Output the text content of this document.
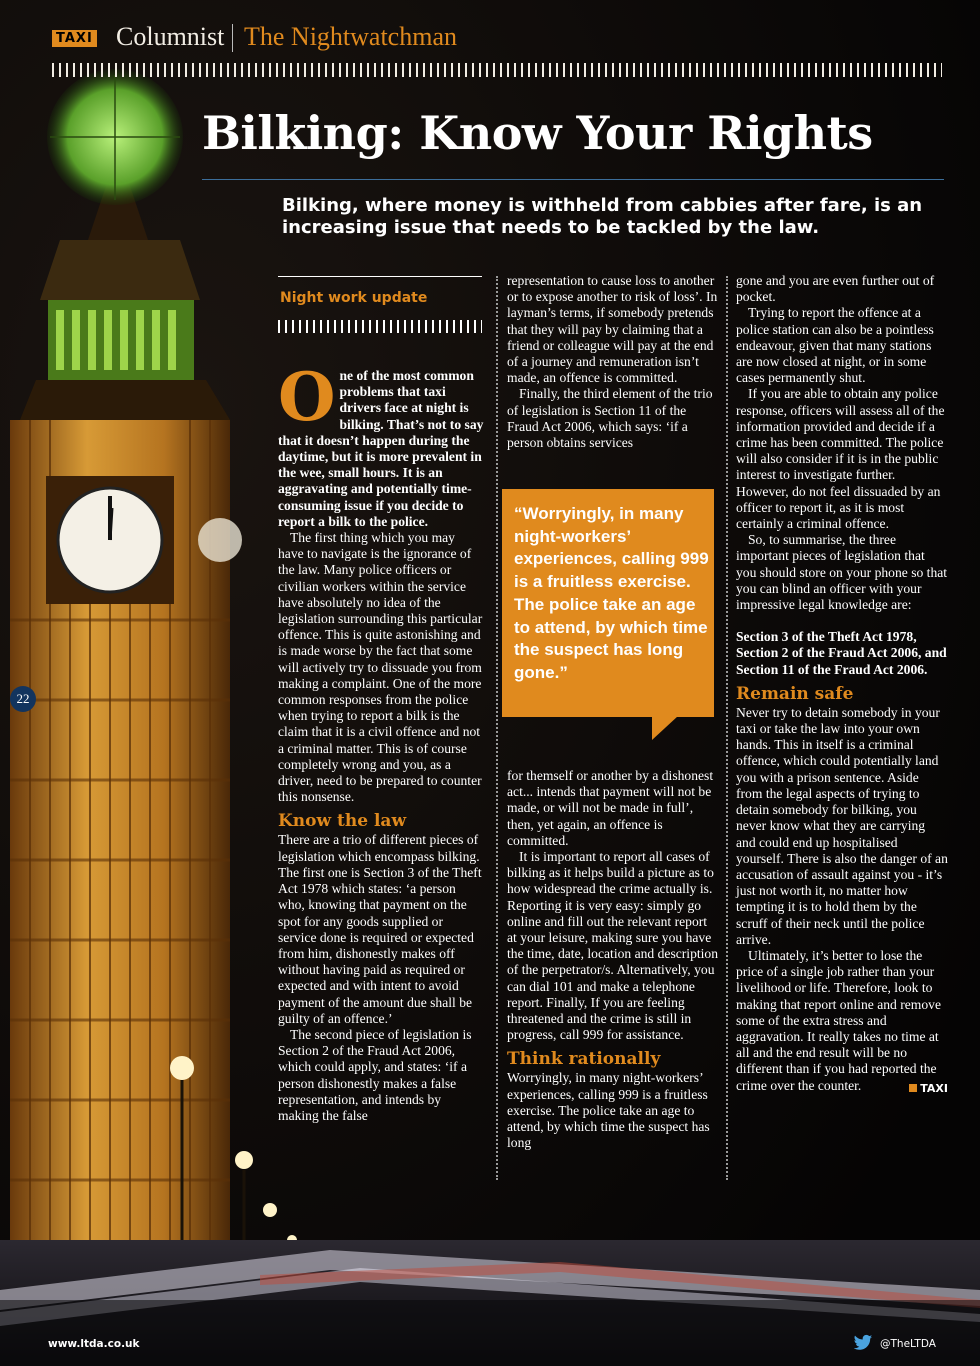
TAXI Columnist The Nightwatchman
Bilking: Know Your Rights
Bilking, where money is withheld from cabbies after fare, is an increasing issue that needs to be tackled by the law.
Night work update

One of the most common problems that taxi drivers face at night is bilking. That’s not to say that it doesn’t happen during the daytime, but it is more prevalent in the wee, small hours. It is an aggravating and potentially time-consuming issue if you decide to report a bilk to the police.

The first thing which you may have to navigate is the ignorance of the law. Many police officers or civilian workers within the service have absolutely no idea of the legislation surrounding this particular offence. This is quite astonishing and is made worse by the fact that some will actively try to dissuade you from making a complaint. One of the more common responses from the police when trying to report a bilk is the claim that it is a civil offence and not a criminal matter. This is of course completely wrong and you, as a driver, need to be prepared to counter this nonsense.

Know the law

There are a trio of different pieces of legislation which encompass bilking. The first one is Section 3 of the Theft Act 1978 which states: ‘a person who, knowing that payment on the spot for any goods supplied or service done is required or expected from him, dishonestly makes off without having paid as required or expected and with intent to avoid payment of the amount due shall be guilty of an offence.’

The second piece of legislation is Section 2 of the Fraud Act 2006, which could apply, and states: ‘if a person dishonestly makes a false representation, and intends by making the false

representation to cause loss to another or to expose another to risk of loss’. In layman’s terms, if somebody pretends that they will pay by claiming that a friend or colleague will pay at the end of a journey and remuneration isn’t made, an offence is committed.

Finally, the third element of the trio of legislation is Section 11 of the Fraud Act 2006, which says: ‘if a person obtains services

“Worryingly, in many night-workers’ experiences, calling 999 is a fruitless exercise. The police take an age to attend, by which time the suspect has long gone.”

for themself or another by a dishonest act... intends that payment will not be made, or will not be made in full’, then, yet again, an offence is committed.

It is important to report all cases of bilking as it helps build a picture as to how widespread the crime actually is. Reporting it is very easy: simply go online and fill out the relevant report at your leisure, making sure you have the time, date, location and description of the perpetrator/s. Alternatively, you can dial 101 and make a telephone report. Finally, If you are feeling threatened and the crime is still in progress, call 999 for assistance.

Think rationally

Worryingly, in many night-workers’ experiences, calling 999 is a fruitless exercise. The police take an age to attend, by which time the suspect has long

gone and you are even further out of pocket.

Trying to report the offence at a police station can also be a pointless endeavour, given that many stations are now closed at night, or in some cases permanently shut.

If you are able to obtain any police response, officers will assess all of the information provided and decide if a crime has been committed. The police will also consider if it is in the public interest to investigate further. However, do not feel dissuaded by an officer to report it, as it is most certainly a criminal offence.

So, to summarise, the three important pieces of legislation that you should store on your phone so that you can blind an officer with your impressive legal knowledge are:

Section 3 of the Theft Act 1978, Section 2 of the Fraud Act 2006, and Section 11 of the Fraud Act 2006.

Remain safe

Never try to detain somebody in your taxi or take the law into your own hands. This in itself is a criminal offence, which could potentially land you with a prison sentence. Aside from the legal aspects of trying to detain somebody for bilking, you never know what they are carrying and could end up hospitalised yourself. There is also the danger of an accusation of assault against you - it’s just not worth it, no matter how tempting it is to hold them by the scruff of their neck until the police arrive.

Ultimately, it’s better to lose the price of a single job rather than your livelihood or life. Therefore, look to making that report online and remove some of the extra stress and aggravation. It really takes no time at all and the end result will be no different than if you had reported the crime over the counter.	TAXI
22
www.ltda.co.uk	@TheLTDA
